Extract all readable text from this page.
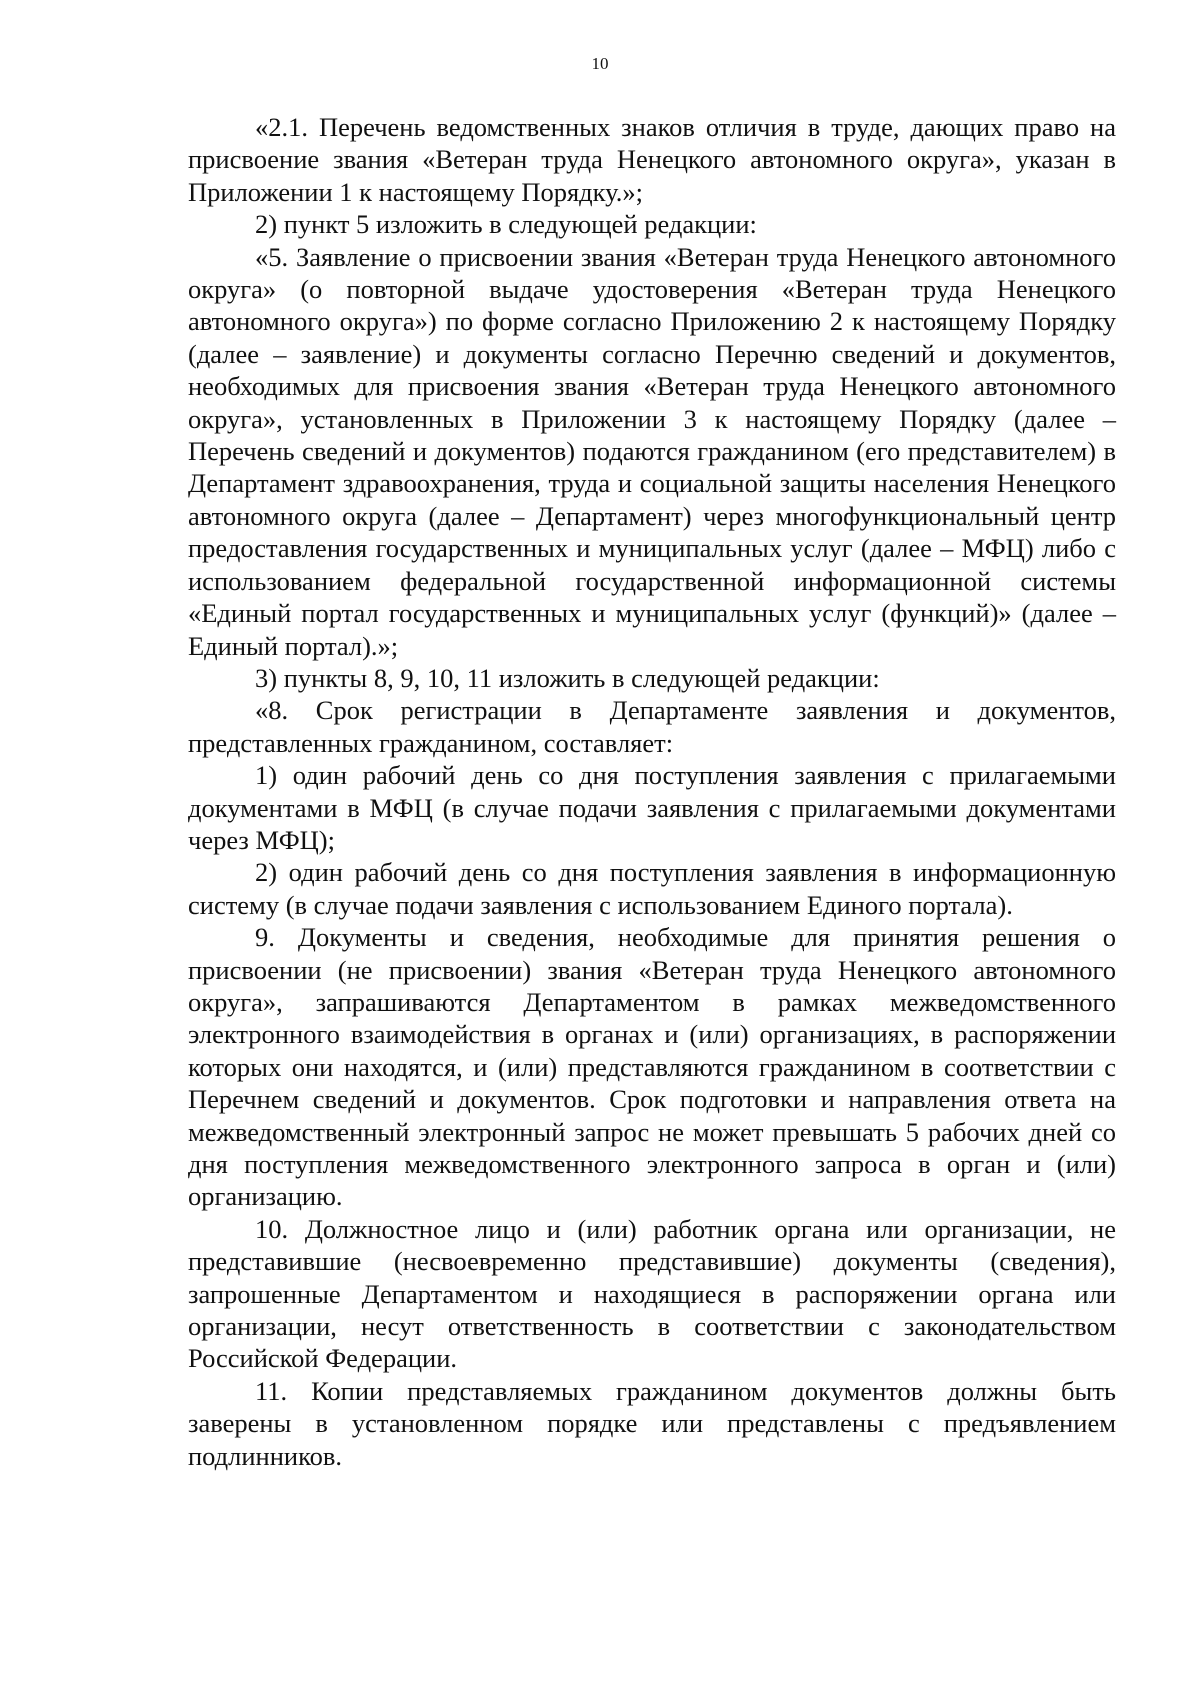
10

«2.1. Перечень ведомственных знаков отличия в труде, дающих право на присвоение звания «Ветеран труда Ненецкого автономного округа», указан в Приложении 1 к настоящему Порядку.»;

2) пункт 5 изложить в следующей редакции:

«5. Заявление о присвоении звания «Ветеран труда Ненецкого автономного округа» (о повторной выдаче удостоверения «Ветеран труда Ненецкого автономного округа») по форме согласно Приложению 2 к настоящему Порядку (далее – заявление) и документы согласно Перечню сведений и документов, необходимых для присвоения звания «Ветеран труда Ненецкого автономного округа», установленных в Приложении 3 к настоящему Порядку (далее – Перечень сведений и документов) подаются гражданином (его представителем) в Департамент здравоохранения, труда и социальной защиты населения Ненецкого автономного округа (далее – Департамент) через многофункциональный центр предоставления государственных и муниципальных услуг (далее – МФЦ) либо с использованием федеральной государственной информационной системы «Единый портал государственных и муниципальных услуг (функций)» (далее – Единый портал).»;

3) пункты 8, 9, 10, 11 изложить в следующей редакции:

«8. Срок регистрации в Департаменте заявления и документов, представленных гражданином, составляет:

1) один рабочий день со дня поступления заявления с прилагаемыми документами в МФЦ (в случае подачи заявления с прилагаемыми документами через МФЦ);

2) один рабочий день со дня поступления заявления в информационную систему (в случае подачи заявления с использованием Единого портала).

9. Документы и сведения, необходимые для принятия решения о присвоении (не присвоении) звания «Ветеран труда Ненецкого автономного округа», запрашиваются Департаментом в рамках межведомственного электронного взаимодействия в органах и (или) организациях, в распоряжении которых они находятся, и (или) представляются гражданином в соответствии с Перечнем сведений и документов. Срок подготовки и направления ответа на межведомственный электронный запрос не может превышать 5 рабочих дней со дня поступления межведомственного электронного запроса в орган и (или) организацию.

10. Должностное лицо и (или) работник органа или организации, не представившие (несвоевременно представившие) документы (сведения), запрошенные Департаментом и находящиеся в распоряжении органа или организации, несут ответственность в соответствии с законодательством Российской Федерации.

11. Копии представляемых гражданином документов должны быть заверены в установленном порядке или представлены с предъявлением подлинников.
